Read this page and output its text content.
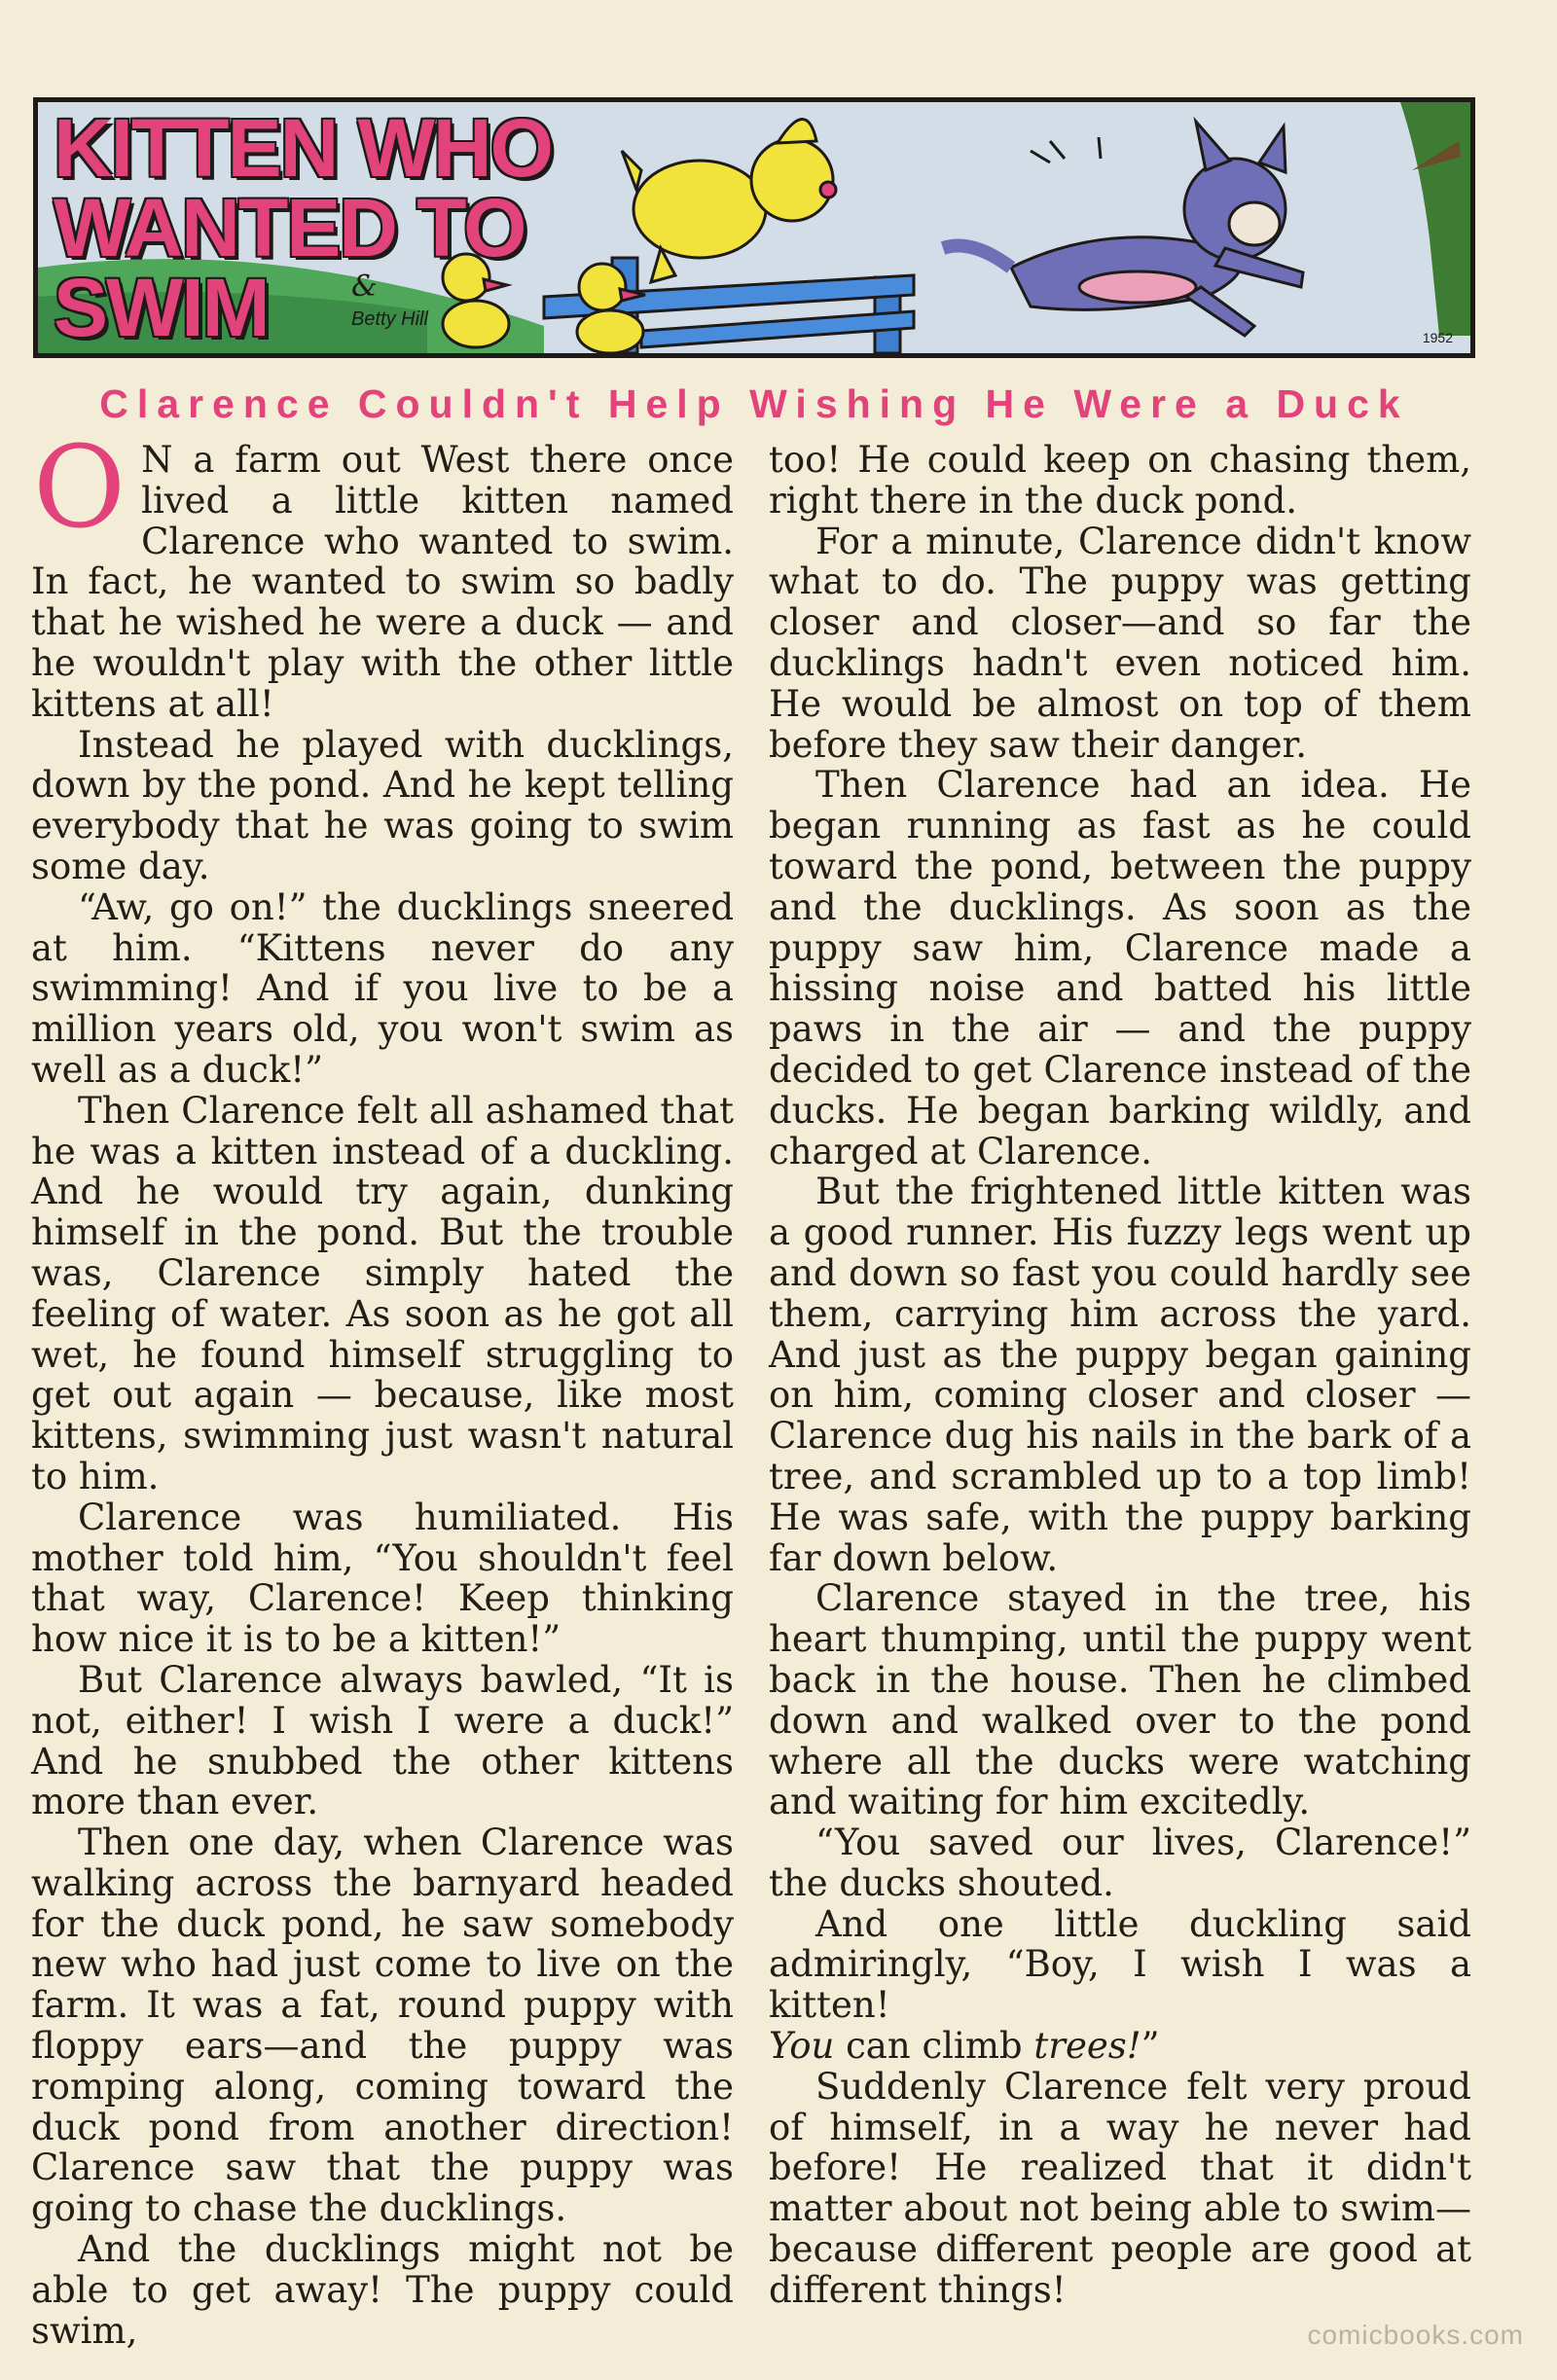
KITTEN WHO
WANTED TO
SWIM	&
Betty Hill
1952
Clarence Couldn't Help Wishing He Were a Duck

O N a farm out West there once lived a little kitten named Clarence who wanted to swim. In fact, he wanted to swim so badly that he wished he were a duck — and he wouldn't play with the other little kittens at all!

Instead he played with ducklings, down by the pond. And he kept telling everybody that he was going to swim some day.

“Aw, go on!” the ducklings sneered at him. “Kittens never do any swimming! And if you live to be a million years old, you won't swim as well as a duck!”

Then Clarence felt all ashamed that he was a kitten instead of a duckling. And he would try again, dunking himself in the pond. But the trouble was, Clarence simply hated the feeling of water. As soon as he got all wet, he found himself struggling to get out again — because, like most kittens, swimming just wasn't natural to him.

Clarence was humiliated. His mother told him, “You shouldn't feel that way, Clarence! Keep thinking how nice it is to be a kitten!”

But Clarence always bawled, “It is not, either! I wish I were a duck!” And he snubbed the other kittens more than ever.

Then one day, when Clarence was walking across the barnyard headed for the duck pond, he saw somebody new who had just come to live on the farm. It was a fat, round puppy with floppy ears—and the puppy was romping along, coming toward the duck pond from another direction! Clarence saw that the puppy was going to chase the ducklings.

And the ducklings might not be able to get away! The puppy could swim,

too! He could keep on chasing them, right there in the duck pond.

For a minute, Clarence didn't know what to do. The puppy was getting closer and closer—and so far the ducklings hadn't even noticed him. He would be almost on top of them before they saw their danger.

Then Clarence had an idea. He began running as fast as he could toward the pond, between the puppy and the ducklings. As soon as the puppy saw him, Clarence made a hissing noise and batted his little paws in the air — and the puppy decided to get Clarence instead of the ducks. He began barking wildly, and charged at Clarence.

But the frightened little kitten was a good runner. His fuzzy legs went up and down so fast you could hardly see them, carrying him across the yard. And just as the puppy began gaining on him, coming closer and closer — Clarence dug his nails in the bark of a tree, and scrambled up to a top limb! He was safe, with the puppy barking far down below.

Clarence stayed in the tree, his heart thumping, until the puppy went back in the house. Then he climbed down and walked over to the pond where all the ducks were watching and waiting for him excitedly.

“You saved our lives, Clarence!” the ducks shouted.

And one little duckling said admiringly, “Boy, I wish I was a kitten!
You can climb trees!”

Suddenly Clarence felt very proud of himself, in a way he never had before! He realized that it didn't matter about not being able to swim— because different people are good at different things!

comicbooks.com
